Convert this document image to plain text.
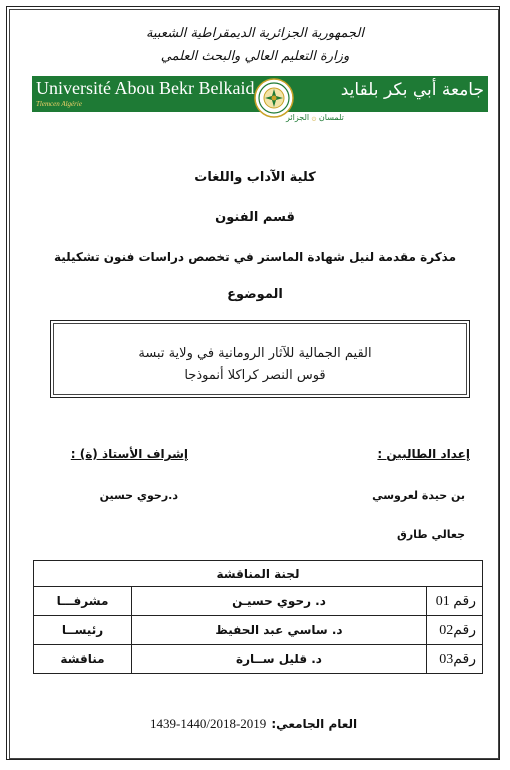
الجمهورية الجزائرية الديمقراطية الشعبية
وزارة التعليم العالي والبحث العلمي
Université Abou Bekr Belkaid
Tlemcen Algérie
جامعة أبي بكر بلقايد
تلمسان ۞ الجزائر
كلية الآداب واللغات
قسم الفنون
مذكرة مقدمة لنيل شهادة الماستر في تخصص دراسات فنون تشكيلية
الموضوع
القيم الجمالية للآثار الرومانية في ولاية تبسة
قوس النصر كراكلا أنموذجا
إعداد الطالبين :
إشراف الأستاذ (ة) :
بن حيدة لعروسي
جعالي طارق
د.رحوي حسين
لجنة المناقشة		
رقم 01	د. رحوي حسيـن	مشرفـــا
رقم02	د. ساسي عبد الحفيظ	رئيســا
رقم03	د. قليل ســارة	مناقشة
1439-1440/2018-2019 العام الجامعي:
